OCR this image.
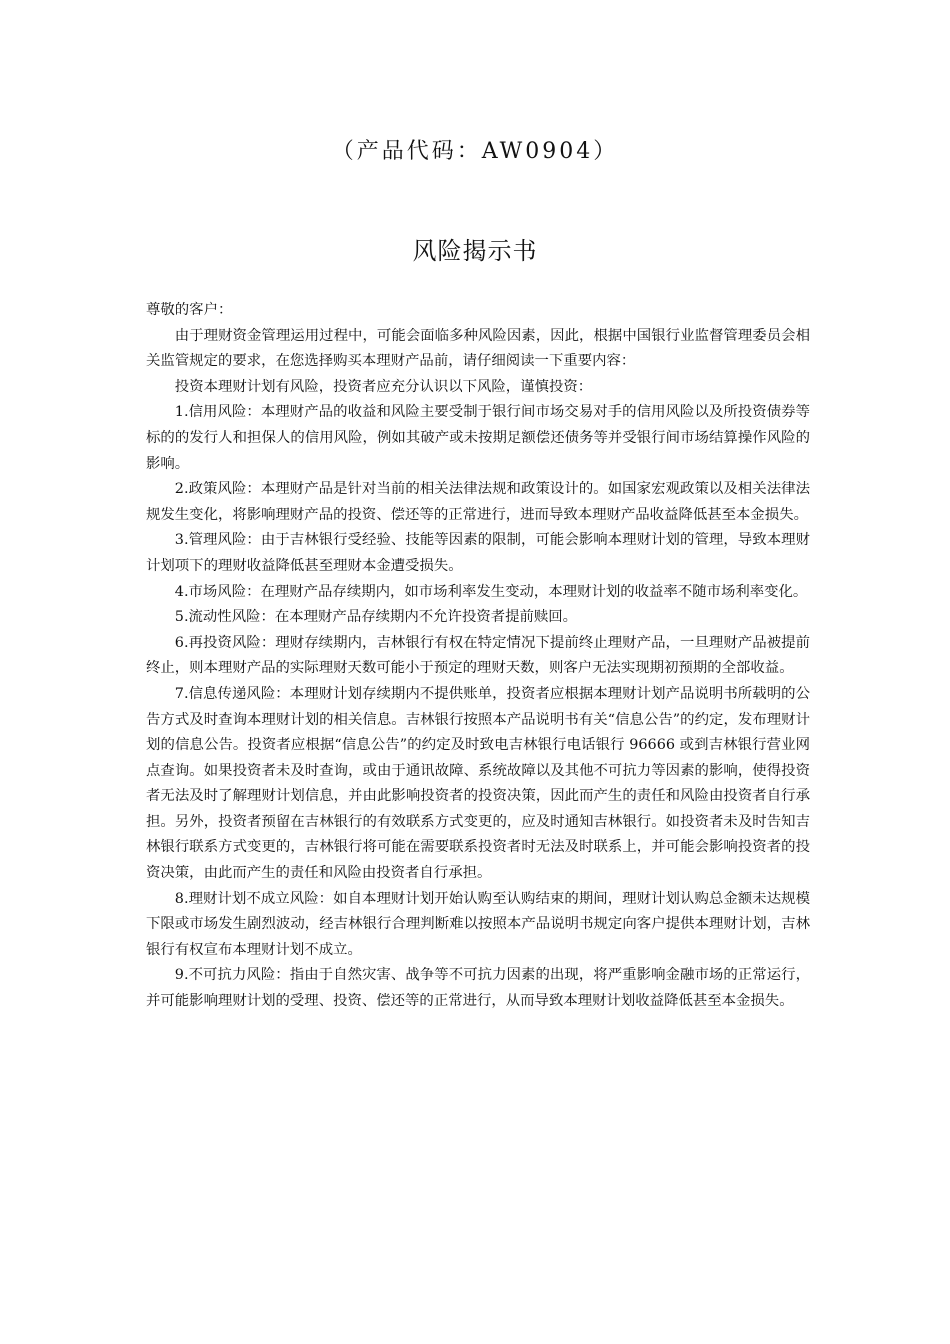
（产品代码：AW0904）
风险揭示书

尊敬的客户：

由于理财资金管理运用过程中，可能会面临多种风险因素，因此，根据中国银行业监督管理委员会相关监管规定的要求，在您选择购买本理财产品前，请仔细阅读一下重要内容：

投资本理财计划有风险，投资者应充分认识以下风险，谨慎投资：

1.信用风险：本理财产品的收益和风险主要受制于银行间市场交易对手的信用风险以及所投资债券等标的的发行人和担保人的信用风险，例如其破产或未按期足额偿还债务等并受银行间市场结算操作风险的影响。

2.政策风险：本理财产品是针对当前的相关法律法规和政策设计的。如国家宏观政策以及相关法律法规发生变化，将影响理财产品的投资、偿还等的正常进行，进而导致本理财产品收益降低甚至本金损失。

3.管理风险：由于吉林银行受经验、技能等因素的限制，可能会影响本理财计划的管理，导致本理财计划项下的理财收益降低甚至理财本金遭受损失。

4.市场风险：在理财产品存续期内，如市场利率发生变动，本理财计划的收益率不随市场利率变化。

5.流动性风险：在本理财产品存续期内不允许投资者提前赎回。

6.再投资风险：理财存续期内，吉林银行有权在特定情况下提前终止理财产品，一旦理财产品被提前终止，则本理财产品的实际理财天数可能小于预定的理财天数，则客户无法实现期初预期的全部收益。

7.信息传递风险：本理财计划存续期内不提供账单，投资者应根据本理财计划产品说明书所载明的公告方式及时查询本理财计划的相关信息。吉林银行按照本产品说明书有关“信息公告”的约定，发布理财计划的信息公告。投资者应根据“信息公告”的约定及时致电吉林银行电话银行 96666 或到吉林银行营业网点查询。如果投资者未及时查询，或由于通讯故障、系统故障以及其他不可抗力等因素的影响，使得投资者无法及时了解理财计划信息，并由此影响投资者的投资决策，因此而产生的责任和风险由投资者自行承担。另外，投资者预留在吉林银行的有效联系方式变更的，应及时通知吉林银行。如投资者未及时告知吉林银行联系方式变更的，吉林银行将可能在需要联系投资者时无法及时联系上，并可能会影响投资者的投资决策，由此而产生的责任和风险由投资者自行承担。

8.理财计划不成立风险：如自本理财计划开始认购至认购结束的期间，理财计划认购总金额未达规模下限或市场发生剧烈波动，经吉林银行合理判断难以按照本产品说明书规定向客户提供本理财计划，吉林银行有权宣布本理财计划不成立。

9.不可抗力风险：指由于自然灾害、战争等不可抗力因素的出现，将严重影响金融市场的正常运行，并可能影响理财计划的受理、投资、偿还等的正常进行，从而导致本理财计划收益降低甚至本金损失。
